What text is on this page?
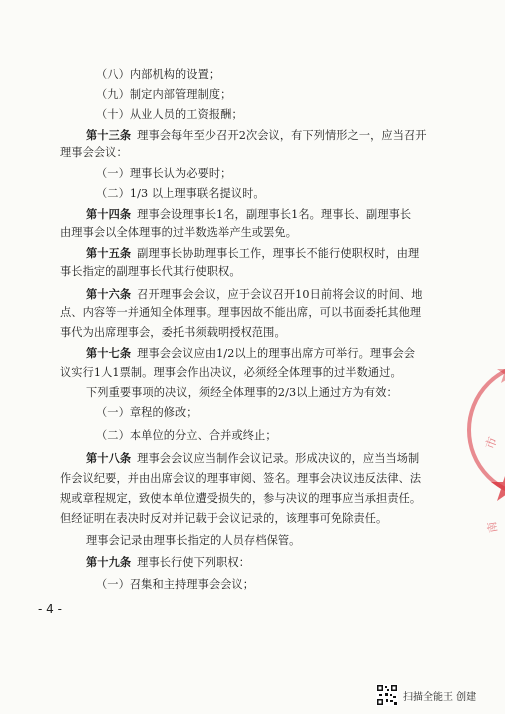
（八）内部机构的设置；
（九）制定内部管理制度；
（十）从业人员的工资报酬；
第十三条 理事会每年至少召开2次会议，有下列情形之一，应当召开
理事会会议：
（一）理事长认为必要时；
（二）1/3 以上理事联名提议时。
第十四条 理事会设理事长1名，副理事长1名。理事长、副理事长
由理事会以全体理事的过半数选举产生或罢免。
第十五条 副理事长协助理事长工作，理事长不能行使职权时，由理
事长指定的副理事长代其行使职权。
第十六条 召开理事会会议，应于会议召开10日前将会议的时间、地
点、内容等一并通知全体理事。理事因故不能出席，可以书面委托其他理
事代为出席理事会，委托书须载明授权范围。
第十七条 理事会会议应由1/2以上的理事出席方可举行。理事会会
议实行1人1票制。理事会作出决议，必须经全体理事的过半数通过。
下列重要事项的决议，须经全体理事的2/3以上通过方为有效：
（一）章程的修改；
（二）本单位的分立、合并或终止；
第十八条 理事会会议应当制作会议记录。形成决议的，应当当场制
作会议纪要，并由出席会议的理事审阅、签名。理事会决议违反法律、法
规或章程规定，致使本单位遭受损失的，参与决议的理事应当承担责任。
但经证明在表决时反对并记载于会议记录的，该理事可免除责任。
理事会记录由理事长指定的人员存档保管。
第十九条 理事长行使下列职权：
（一）召集和主持理事会会议；
市
南
- 4 -
扫描全能王 创建
